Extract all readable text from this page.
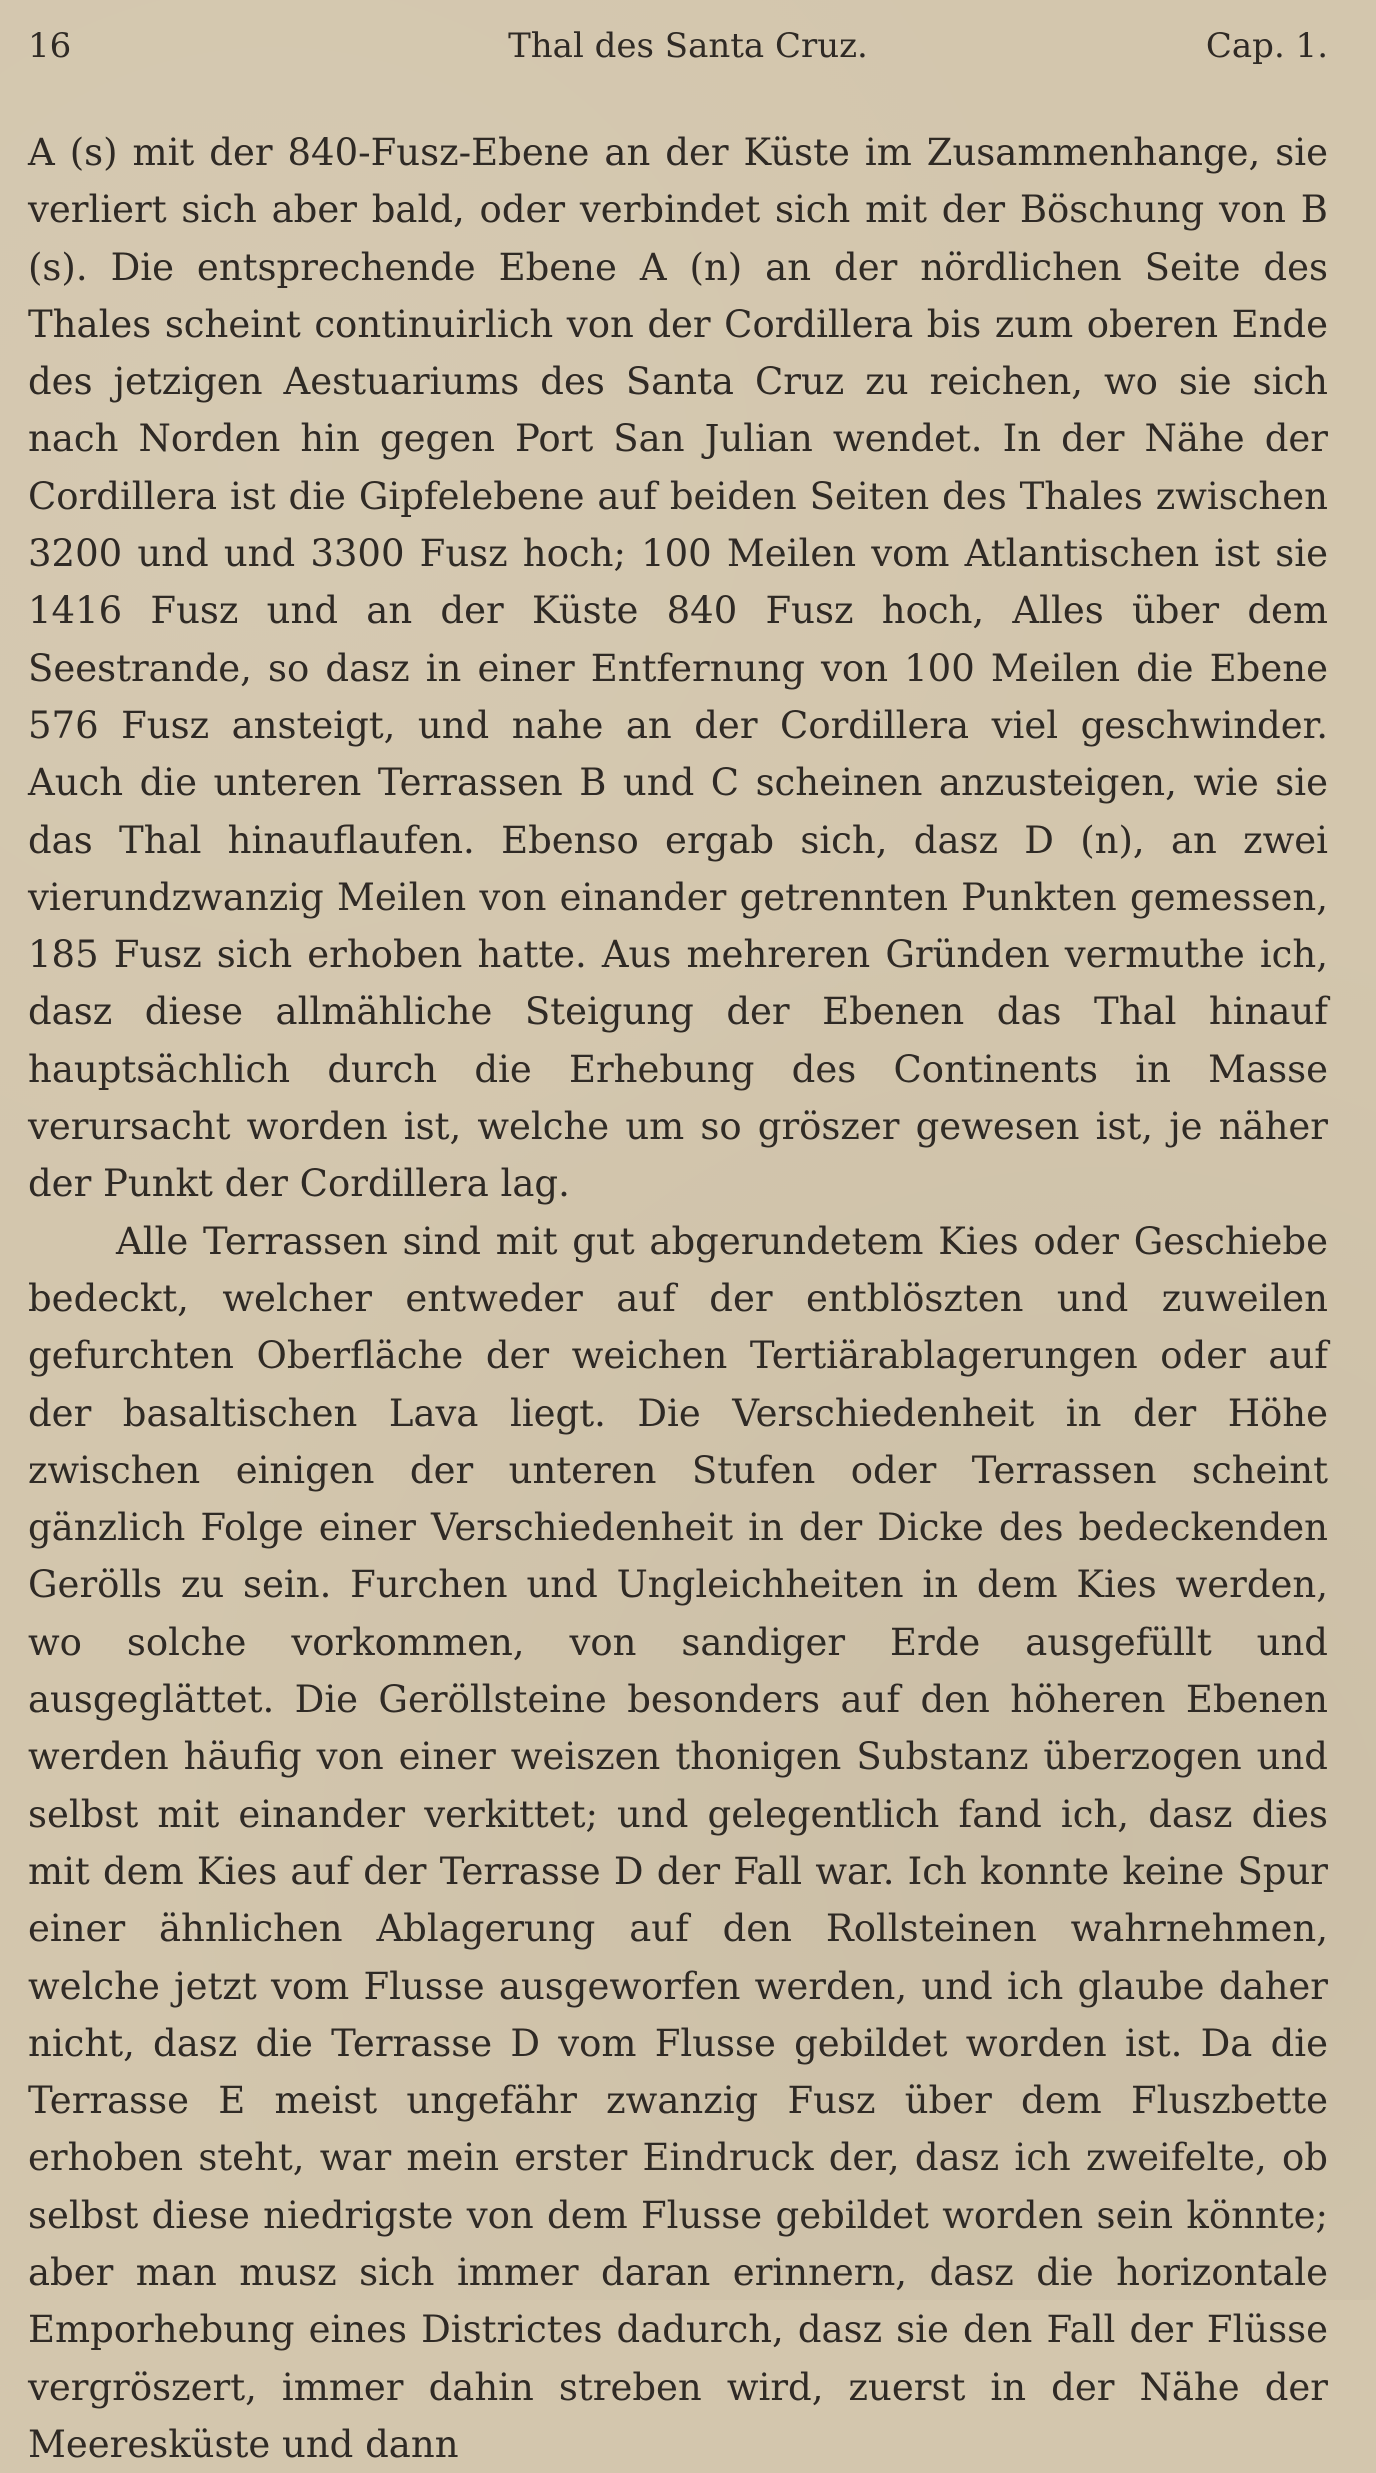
16	Thal des Santa Cruz.	Cap. 1.

A (s) mit der 840-Fusz-Ebene an der Küste im Zusammenhange, sie verliert sich aber bald, oder verbindet sich mit der Böschung von B (s). Die entsprechende Ebene A (n) an der nördlichen Seite des Thales scheint continuirlich von der Cordillera bis zum oberen Ende des jetzigen Aestuariums des Santa Cruz zu reichen, wo sie sich nach Norden hin gegen Port San Julian wendet. In der Nähe der Cordillera ist die Gipfelebene auf beiden Seiten des Thales zwischen 3200 und und 3300 Fusz hoch; 100 Meilen vom Atlantischen ist sie 1416 Fusz und an der Küste 840 Fusz hoch, Alles über dem Seestrande, so dasz in einer Entfernung von 100 Meilen die Ebene 576 Fusz ansteigt, und nahe an der Cordillera viel geschwinder. Auch die unteren Terrassen B und C scheinen anzusteigen, wie sie das Thal hinauflaufen. Ebenso ergab sich, dasz D (n), an zwei vierundzwanzig Meilen von einander getrennten Punkten gemessen, 185 Fusz sich erhoben hatte. Aus mehreren Gründen vermuthe ich, dasz diese allmähliche Steigung der Ebenen das Thal hinauf hauptsächlich durch die Erhebung des Continents in Masse verursacht worden ist, welche um so gröszer gewesen ist, je näher der Punkt der Cordillera lag.

Alle Terrassen sind mit gut abgerundetem Kies oder Geschiebe bedeckt, welcher entweder auf der entblöszten und zuweilen gefurchten Oberfläche der weichen Tertiärablagerungen oder auf der basaltischen Lava liegt. Die Verschiedenheit in der Höhe zwischen einigen der unteren Stufen oder Terrassen scheint gänzlich Folge einer Verschiedenheit in der Dicke des bedeckenden Gerölls zu sein. Furchen und Ungleichheiten in dem Kies werden, wo solche vorkommen, von sandiger Erde ausgefüllt und ausgeglättet. Die Geröllsteine besonders auf den höheren Ebenen werden häufig von einer weiszen thonigen Substanz überzogen und selbst mit einander verkittet; und gelegentlich fand ich, dasz dies mit dem Kies auf der Terrasse D der Fall war. Ich konnte keine Spur einer ähnlichen Ablagerung auf den Rollsteinen wahrnehmen, welche jetzt vom Flusse ausgeworfen werden, und ich glaube daher nicht, dasz die Terrasse D vom Flusse gebildet worden ist. Da die Terrasse E meist ungefähr zwanzig Fusz über dem Fluszbette erhoben steht, war mein erster Eindruck der, dasz ich zweifelte, ob selbst diese niedrigste von dem Flusse gebildet worden sein könnte; aber man musz sich immer daran erinnern, dasz die horizontale Emporhebung eines Districtes dadurch, dasz sie den Fall der Flüsse vergröszert, immer dahin streben wird, zuerst in der Nähe der Meeresküste und dann
